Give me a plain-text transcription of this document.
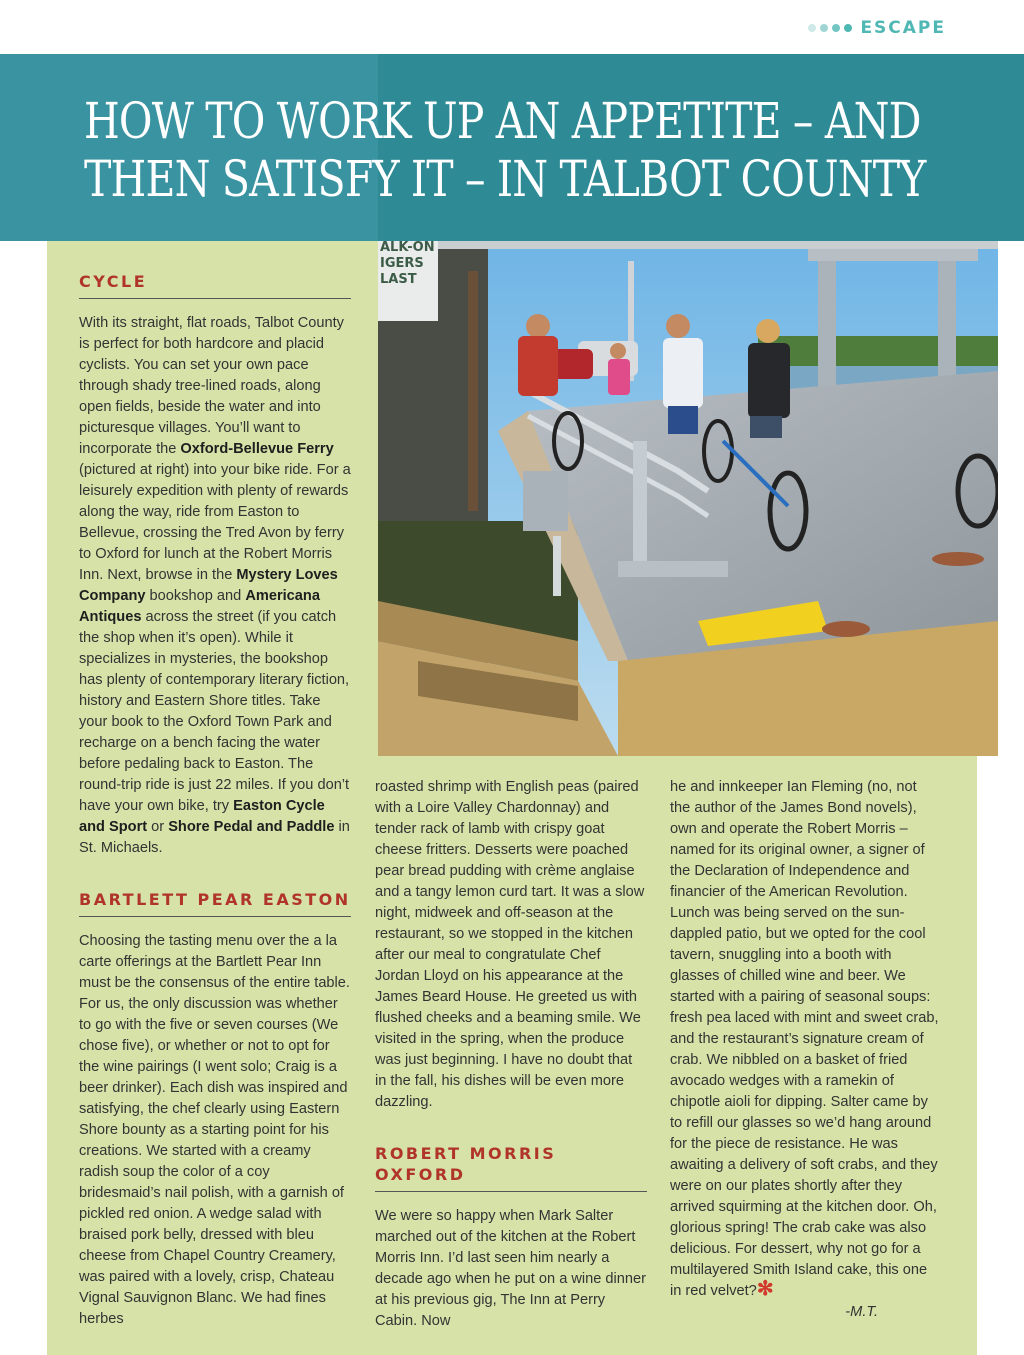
ESCAPE
HOW TO WORK UP AN APPETITE – AND
THEN SATISFY IT – IN TALBOT COUNTY
ALK-ON
IGERS
LAST
CYCLE

With its straight, flat roads, Talbot County is perfect for both hardcore and placid cyclists. You can set your own pace through shady tree-lined roads, along open fields, beside the water and into picturesque villages. You’ll want to incorporate the Oxford-Bellevue Ferry (pictured at right) into your bike ride. For a leisurely expedition with plenty of rewards along the way, ride from Easton to Bellevue, crossing the Tred Avon by ferry to Oxford for lunch at the Robert Morris Inn. Next, browse in the Mystery Loves Company bookshop and Americana Antiques across the street (if you catch the shop when it’s open). While it specializes in mysteries, the bookshop has plenty of contemporary literary fiction, history and Eastern Shore titles. Take your book to the Oxford Town Park and recharge on a bench facing the water before pedaling back to Easton. The round-trip ride is just 22 miles. If you don’t have your own bike, try Easton Cycle and Sport or Shore Pedal and Paddle in St. Michaels.

BARTLETT PEAR EASTON

Choosing the tasting menu over the a la carte offerings at the Bartlett Pear Inn must be the consensus of the entire table. For us, the only discussion was whether to go with the five or seven courses (We chose five), or whether or not to opt for the wine pairings (I went solo; Craig is a beer drinker). Each dish was inspired and satisfying, the chef clearly using Eastern Shore bounty as a starting point for his creations. We started with a creamy radish soup the color of a coy bridesmaid’s nail polish, with a garnish of pickled red onion. A wedge salad with braised pork belly, dressed with bleu cheese from Chapel Country Creamery, was paired with a lovely, crisp, Chateau Vignal Sauvignon Blanc. We had fines herbes

roasted shrimp with English peas (paired with a Loire Valley Chardonnay) and tender rack of lamb with crispy goat cheese fritters. Desserts were poached pear bread pudding with crème anglaise and a tangy lemon curd tart. It was a slow night, midweek and off-season at the restaurant, so we stopped in the kitchen after our meal to congratulate Chef Jordan Lloyd on his appearance at the James Beard House. He greeted us with flushed cheeks and a beaming smile. We visited in the spring, when the produce was just beginning. I have no doubt that in the fall, his dishes will be even more dazzling.

ROBERT MORRIS OXFORD

We were so happy when Mark Salter marched out of the kitchen at the Robert Morris Inn. I’d last seen him nearly a decade ago when he put on a wine dinner at his previous gig, The Inn at Perry Cabin. Now

he and innkeeper Ian Fleming (no, not the author of the James Bond novels), own and operate the Robert Morris – named for its original owner, a signer of the Declaration of Independence and financier of the American Revolution. Lunch was being served on the sun-dappled patio, but we opted for the cool tavern, snuggling into a booth with glasses of chilled wine and beer. We started with a pairing of seasonal soups: fresh pea laced with mint and sweet crab, and the restaurant’s signature cream of crab. We nibbled on a basket of fried avocado wedges with a ramekin of chipotle aioli for dipping. Salter came by to refill our glasses so we’d hang around for the piece de resistance. He was awaiting a delivery of soft crabs, and they were on our plates shortly after they arrived squirming at the kitchen door. Oh, glorious spring! The crab cake was also delicious. For dessert, why not go for a multilayered Smith Island cake, this one in red velvet?✻

-M.T.
